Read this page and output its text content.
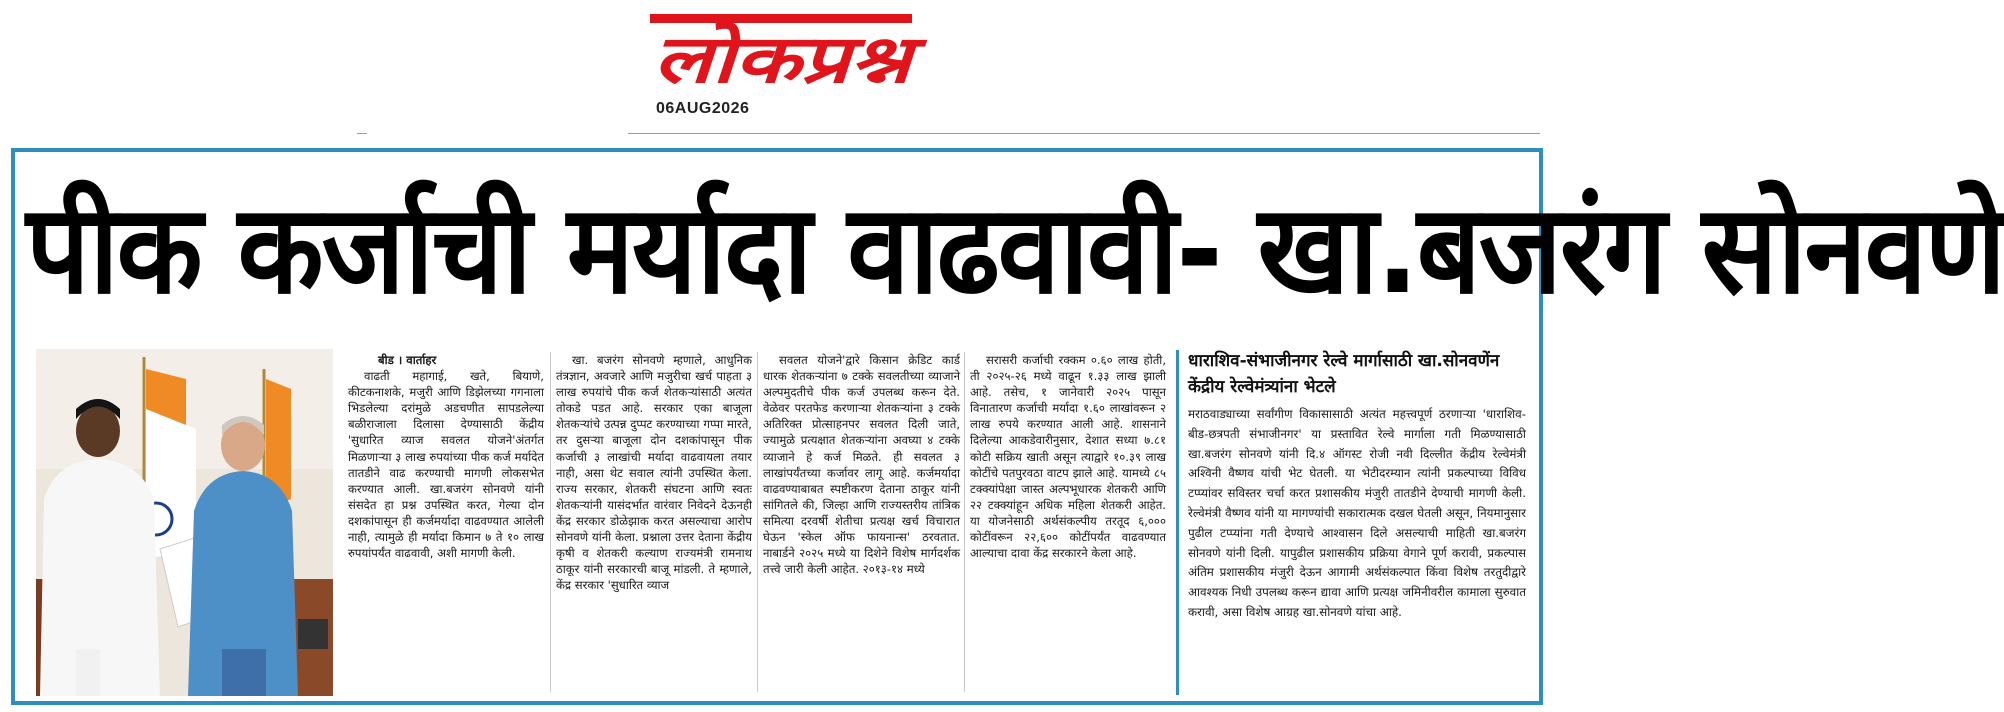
लोकप्रश्न
06AUG2026
पीक कर्जाची मर्यादा वाढवावी- खा.बजरंग सोनवणे

बीड । वार्ताहर

वाढती महागाई, खते, बियाणे, कीटकनाशके, मजुरी आणि डिझेलच्या गगनाला भिडलेल्या दरांमुळे अडचणीत सापडलेल्या बळीराजाला दिलासा देण्यासाठी केंद्रीय 'सुधारित व्याज सवलत योजने'अंतर्गत मिळणाऱ्या ३ लाख रुपयांच्या पीक कर्ज मर्यादेत तातडीने वाढ करण्याची मागणी लोकसभेत करण्यात आली. खा.बजरंग सोनवणे यांनी संसदेत हा प्रश्न उपस्थित करत, गेल्या दोन दशकांपासून ही कर्जमर्यादा वाढवण्यात आलेली नाही, त्यामुळे ही मर्यादा किमान ७ ते १० लाख रुपयांपर्यंत वाढवावी, अशी मागणी केली.

खा. बजरंग सोनवणे म्हणाले, आधुनिक तंत्रज्ञान, अवजारे आणि मजुरीचा खर्च पाहता ३ लाख रुपयांचे पीक कर्ज शेतकऱ्यांसाठी अत्यंत तोकडे पडत आहे. सरकार एका बाजूला शेतकऱ्यांचे उत्पन्न दुप्पट करण्याच्या गप्पा मारते, तर दुसऱ्या बाजूला दोन दशकांपासून पीक कर्जाची ३ लाखांची मर्यादा वाढवायला तयार नाही, असा थेट सवाल त्यांनी उपस्थित केला. राज्य सरकार, शेतकरी संघटना आणि स्वतः शेतकऱ्यांनी यासंदर्भात वारंवार निवेदने देऊनही केंद्र सरकार डोळेझाक करत असल्याचा आरोप सोनवणे यांनी केला. प्रश्नाला उत्तर देताना केंद्रीय कृषी व शेतकरी कल्याण राज्यमंत्री रामनाथ ठाकूर यांनी सरकारची बाजू मांडली. ते म्हणाले, केंद्र सरकार 'सुधारित व्याज

सवलत योजने'द्वारे किसान क्रेडिट कार्ड धारक शेतकऱ्यांना ७ टक्के सवलतीच्या व्याजाने अल्पमुदतीचे पीक कर्ज उपलब्ध करून देते. वेळेवर परतफेड करणाऱ्या शेतकऱ्यांना ३ टक्के अतिरिक्त प्रोत्साहनपर सवलत दिली जाते, ज्यामुळे प्रत्यक्षात शेतकऱ्यांना अवघ्या ४ टक्के व्याजाने हे कर्ज मिळते. ही सवलत ३ लाखांपर्यंतच्या कर्जावर लागू आहे. कर्जमर्यादा वाढवण्याबाबत स्पष्टीकरण देताना ठाकूर यांनी सांगितले की, जिल्हा आणि राज्यस्तरीय तांत्रिक समित्या दरवर्षी शेतीचा प्रत्यक्ष खर्च विचारात घेऊन 'स्केल ऑफ फायनान्स' ठरवतात. नाबार्डने २०२५ मध्ये या दिशेने विशेष मार्गदर्शक तत्त्वे जारी केली आहेत. २०१३-१४ मध्ये

सरासरी कर्जाची रक्कम ०.६० लाख होती, ती २०२५-२६ मध्ये वाढून १.३३ लाख झाली आहे. तसेच, १ जानेवारी २०२५ पासून विनातारण कर्जाची मर्यादा १.६० लाखांवरून २ लाख रुपये करण्यात आली आहे. शासनाने दिलेल्या आकडेवारीनुसार, देशात सध्या ७.८१ कोटी सक्रिय खाती असून त्याद्वारे १०.३९ लाख कोटींचे पतपुरवठा वाटप झाले आहे. यामध्ये ८५ टक्क्यांपेक्षा जास्त अल्पभूधारक शेतकरी आणि २२ टक्क्यांहून अधिक महिला शेतकरी आहेत. या योजनेसाठी अर्थसंकल्पीय तरतूद ६,००० कोटींवरून २२,६०० कोटींपर्यंत वाढवण्यात आल्याचा दावा केंद्र सरकारने केला आहे.

धाराशिव-संभाजीनगर रेल्वे मार्गासाठी खा.सोनवणेंन केंद्रीय रेल्वेमंत्र्यांना भेटले

मराठवाड्याच्या सर्वांगीण विकासासाठी अत्यंत महत्त्वपूर्ण ठरणाऱ्या 'धाराशिव-बीड-छत्रपती संभाजीनगर' या प्रस्तावित रेल्वे मार्गाला गती मिळण्यासाठी खा.बजरंग सोनवणे यांनी दि.४ ऑगस्ट रोजी नवी दिल्लीत केंद्रीय रेल्वेमंत्री अश्विनी वैष्णव यांची भेट घेतली. या भेटीदरम्यान त्यांनी प्रकल्पाच्या विविध टप्प्यांवर सविस्तर चर्चा करत प्रशासकीय मंजुरी तातडीने देण्याची मागणी केली. रेल्वेमंत्री वैष्णव यांनी या मागण्यांची सकारात्मक दखल घेतली असून, नियमानुसार पुढील टप्प्यांना गती देण्याचे आश्वासन दिले असल्याची माहिती खा.बजरंग सोनवणे यांनी दिली. यापुढील प्रशासकीय प्रक्रिया वेगाने पूर्ण करावी, प्रकल्पास अंतिम प्रशासकीय मंजुरी देऊन आगामी अर्थसंकल्पात किंवा विशेष तरतुदीद्वारे आवश्यक निधी उपलब्ध करून द्यावा आणि प्रत्यक्ष जमिनीवरील कामाला सुरुवात करावी, असा विशेष आग्रह खा.सोनवणे यांचा आहे.
